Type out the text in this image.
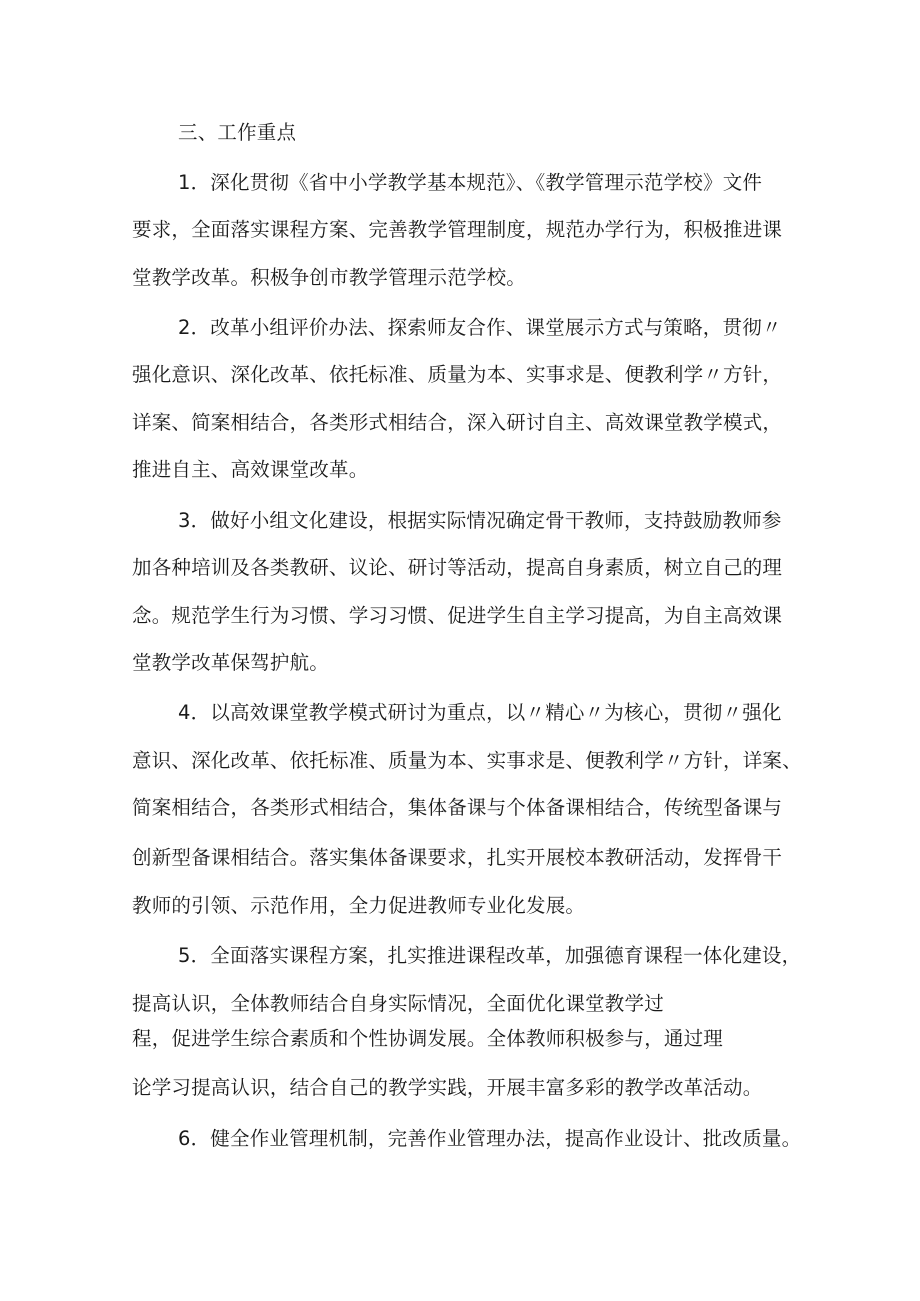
三、工作重点
1．深化贯彻《省中小学教学基本规范》、《教学管理示范学校》文件
要求，全面落实课程方案、完善教学管理制度，规范办学行为，积极推进课
堂教学改革。积极争创市教学管理示范学校。
2．改革小组评价办法、探索师友合作、课堂展示方式与策略，贯彻〃
强化意识、深化改革、依托标准、质量为本、实事求是、便教利学〃方针，
详案、简案相结合，各类形式相结合，深入研讨自主、高效课堂教学模式，
推进自主、高效课堂改革。
3．做好小组文化建设，根据实际情况确定骨干教师，支持鼓励教师参
加各种培训及各类教研、议论、研讨等活动，提高自身素质，树立自己的理
念。规范学生行为习惯、学习习惯、促进学生自主学习提高，为自主高效课
堂教学改革保驾护航。
4．以高效课堂教学模式研讨为重点，以〃精心〃为核心，贯彻〃强化
意识、深化改革、依托标准、质量为本、实事求是、便教利学〃方针，详案、
简案相结合，各类形式相结合，集体备课与个体备课相结合，传统型备课与
创新型备课相结合。落实集体备课要求，扎实开展校本教研活动，发挥骨干
教师的引领、示范作用，全力促进教师专业化发展。
5．全面落实课程方案，扎实推进课程改革，加强德育课程一体化建设，
提高认识，全体教师结合自身实际情况，全面优化课堂教学过
程，促进学生综合素质和个性协调发展。全体教师积极参与，通过理
论学习提高认识，结合自己的教学实践，开展丰富多彩的教学改革活动。
6．健全作业管理机制，完善作业管理办法，提高作业设计、批改质量。
